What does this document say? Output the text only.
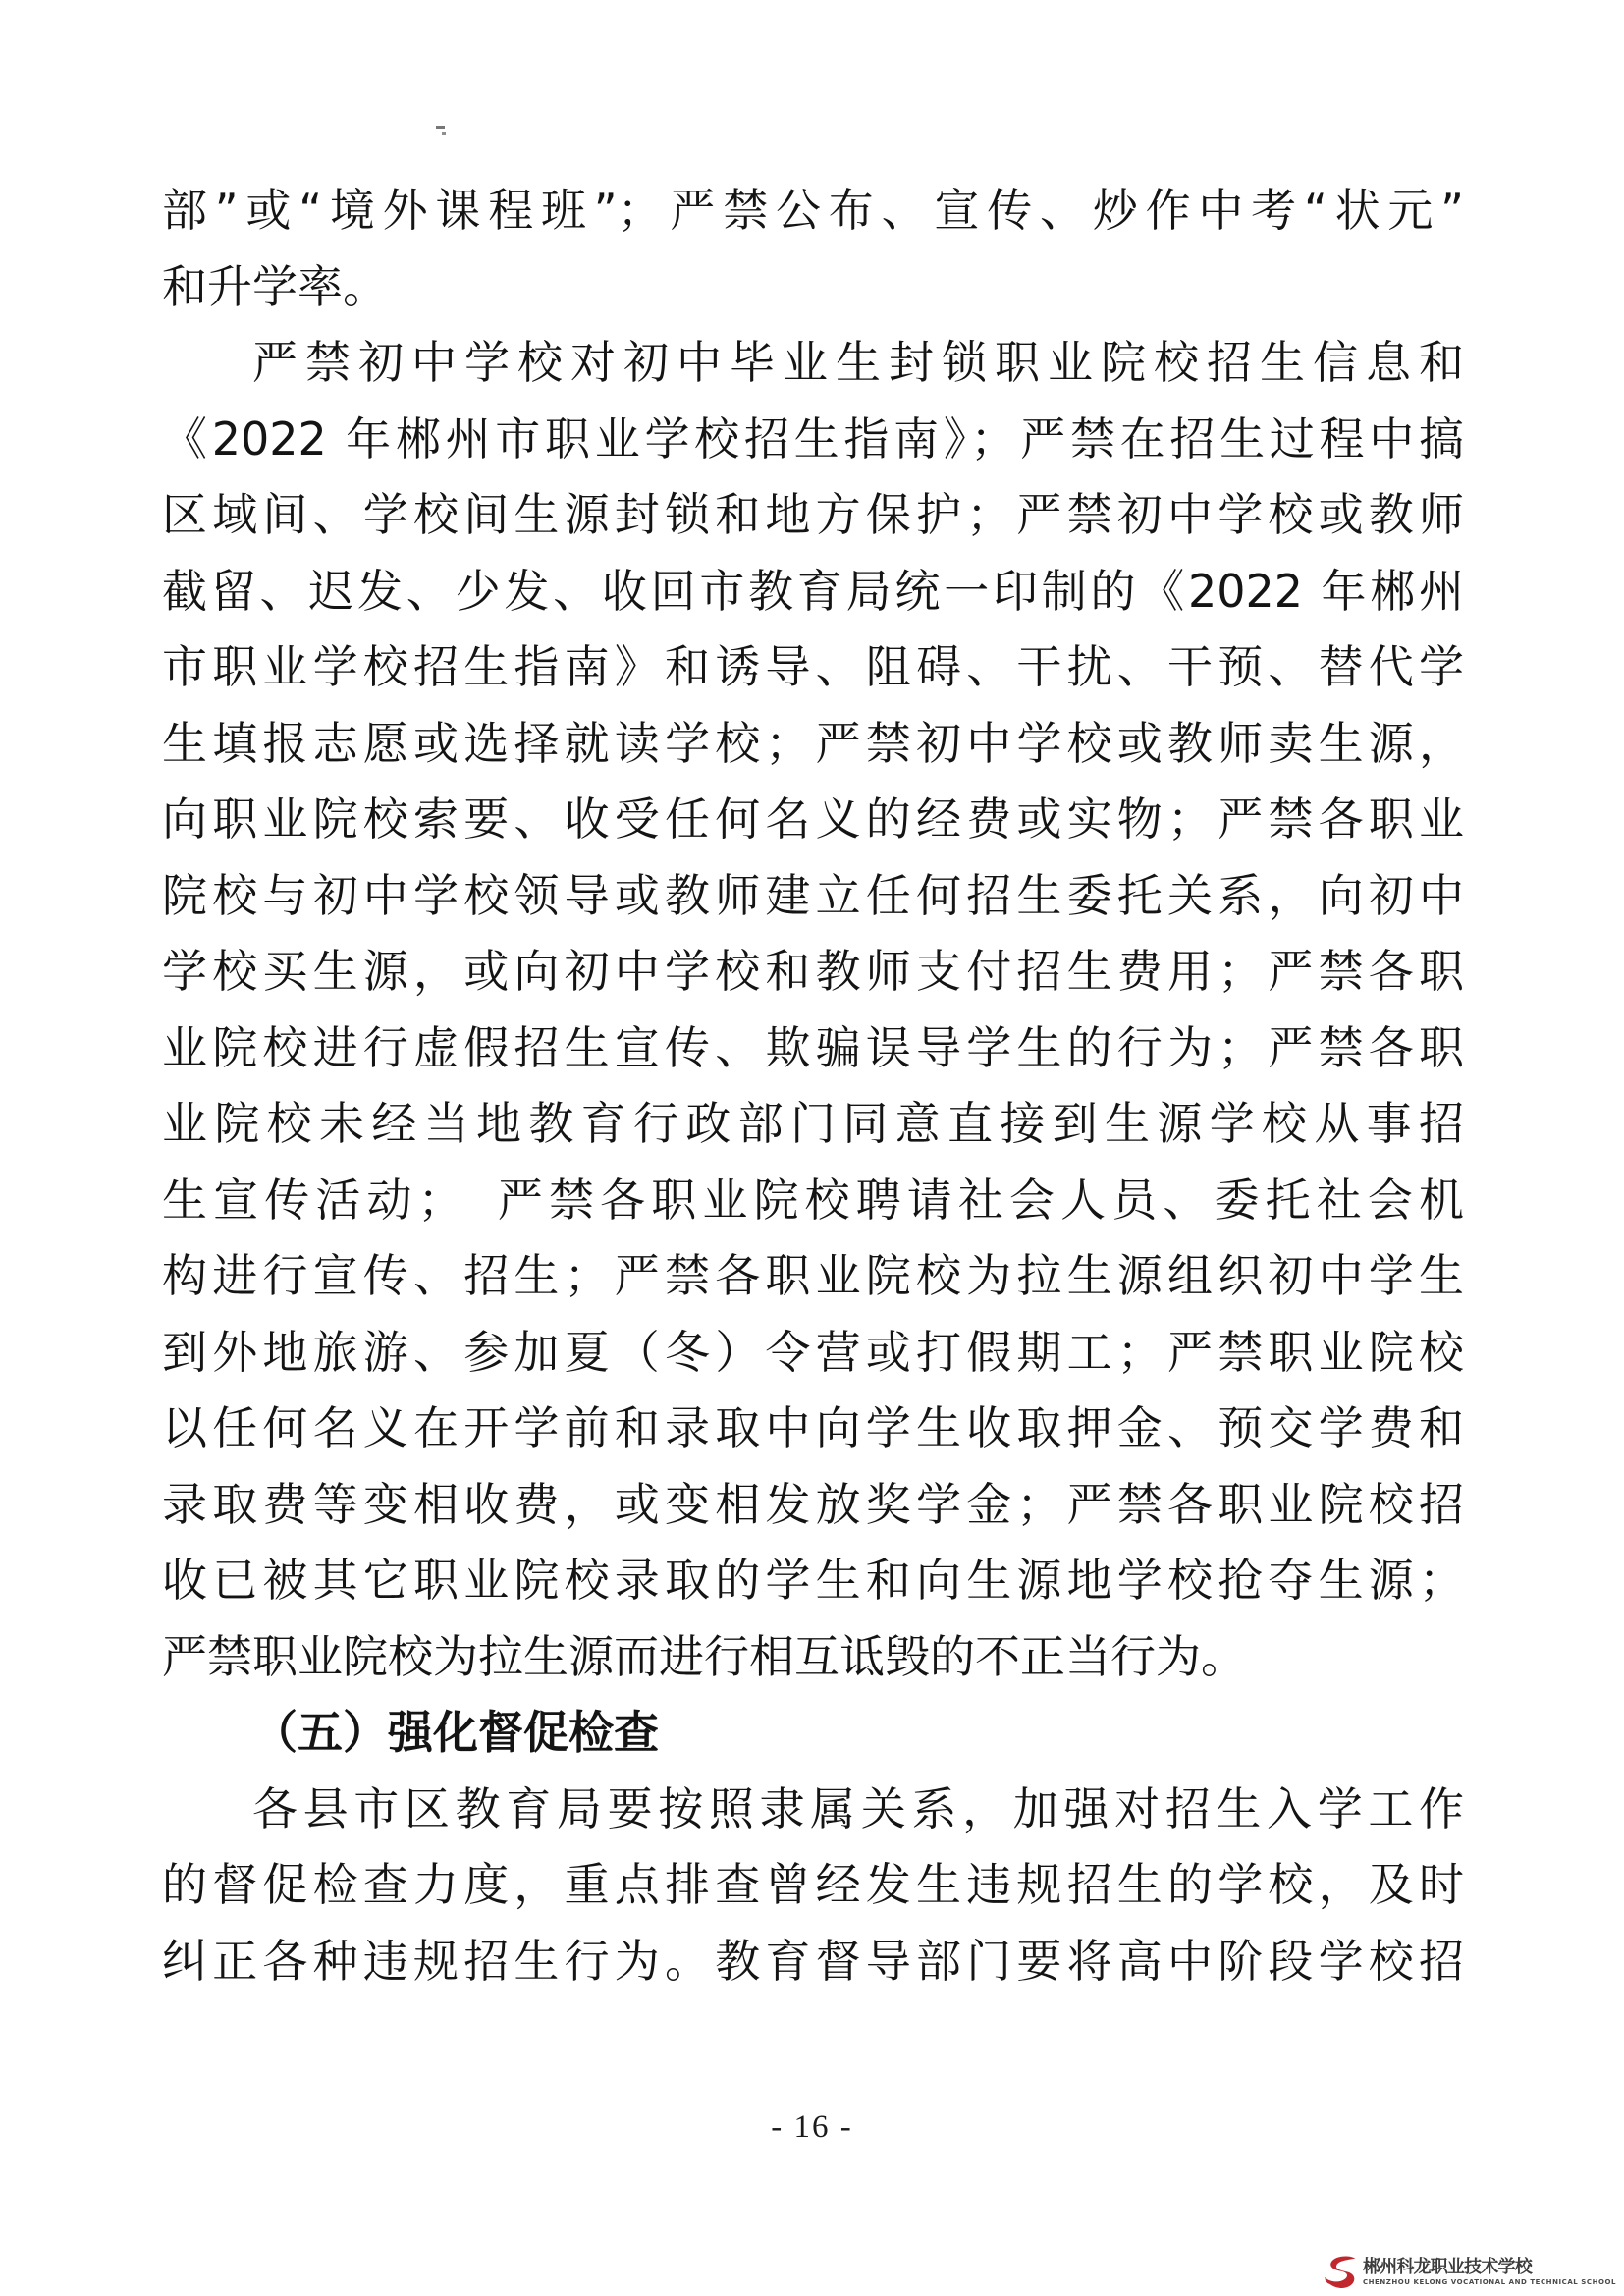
部”或“境外课程班”；严禁公布、宣传、炒作中考“状元”
和升学率。

严禁初中学校对初中毕业生封锁职业院校招生信息和
《2022 年郴州市职业学校招生指南》；严禁在招生过程中搞
区域间、学校间生源封锁和地方保护；严禁初中学校或教师
截留、迟发、少发、收回市教育局统一印制的《2022 年郴州
市职业学校招生指南》和诱导、阻碍、干扰、干预、替代学
生填报志愿或选择就读学校；严禁初中学校或教师卖生源，
向职业院校索要、收受任何名义的经费或实物；严禁各职业
院校与初中学校领导或教师建立任何招生委托关系，向初中
学校买生源，或向初中学校和教师支付招生费用；严禁各职
业院校进行虚假招生宣传、欺骗误导学生的行为；严禁各职
业院校未经当地教育行政部门同意直接到生源学校从事招
生宣传活动；　严禁各职业院校聘请社会人员、委托社会机
构进行宣传、招生；严禁各职业院校为拉生源组织初中学生
到外地旅游、参加夏（冬）令营或打假期工；严禁职业院校
以任何名义在开学前和录取中向学生收取押金、预交学费和
录取费等变相收费，或变相发放奖学金；严禁各职业院校招
收已被其它职业院校录取的学生和向生源地学校抢夺生源；
严禁职业院校为拉生源而进行相互诋毁的不正当行为。

（五）强化督促检查

各县市区教育局要按照隶属关系，加强对招生入学工作
的督促检查力度，重点排查曾经发生违规招生的学校，及时
纠正各种违规招生行为。教育督导部门要将高中阶段学校招

- 16 -
郴州科龙职业技术学校
CHENZHOU KELONG VOCATIONAL AND TECHNICAL SCHOOL
